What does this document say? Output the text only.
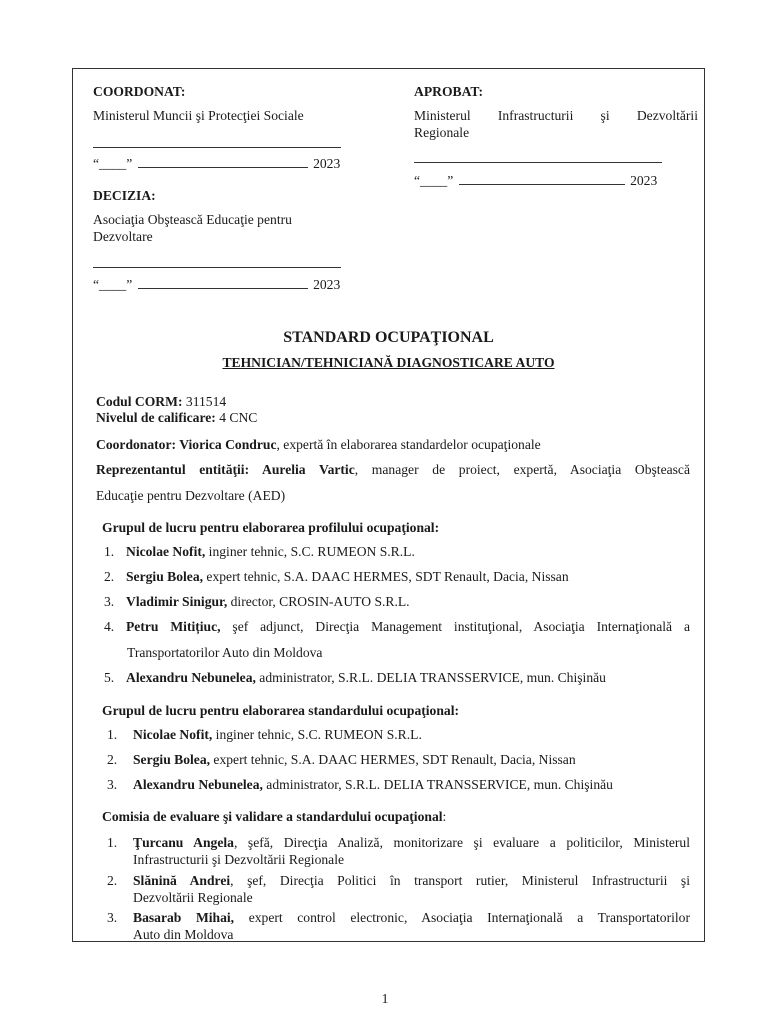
COORDONAT:
Ministerul Muncii şi Protecţiei Sociale
“____”	2023
APROBAT:
Ministerul Infrastructurii şi Dezvoltării
Regionale
“____”	2023
DECIZIA:
Asociaţia Obştească Educaţie pentru
Dezvoltare
“____”	2023
STANDARD OCUPAŢIONAL
TEHNICIAN/TEHNICIANĂ DIAGNOSTICARE AUTO
Codul CORM: 311514
Nivelul de calificare: 4 CNC
Coordonator: Viorica Condruc, expertă în elaborarea standardelor ocupaţionale
Reprezentantul entităţii: Aurelia Vartic, manager de proiect, expertă, Asociaţia Obştească
Educaţie pentru Dezvoltare (AED)
Grupul de lucru pentru elaborarea profilului ocupaţional:
1. Nicolae Nofit, inginer tehnic, S.C. RUMEON S.R.L.
2. Sergiu Bolea, expert tehnic, S.A. DAAC HERMES, SDT Renault, Dacia, Nissan
3. Vladimir Sinigur, director, CROSIN-AUTO S.R.L.
4. Petru Mitițiuc, şef adjunct, Direcţia Management instituţional, Asociaţia Internaţională a
Transportatorilor Auto din Moldova
5. Alexandru Nebunelea, administrator, S.R.L. DELIA TRANSSERVICE, mun. Chişinău
Grupul de lucru pentru elaborarea standardului ocupaţional:
1. Nicolae Nofit, inginer tehnic, S.C. RUMEON S.R.L.
2. Sergiu Bolea, expert tehnic, S.A. DAAC HERMES, SDT Renault, Dacia, Nissan
3. Alexandru Nebunelea, administrator, S.R.L. DELIA TRANSSERVICE, mun. Chişinău
Comisia de evaluare şi validare a standardului ocupaţional:
1. Ţurcanu Angela, şefă, Direcţia Analiză, monitorizare şi evaluare a politicilor, Ministerul
Infrastructurii şi Dezvoltării Regionale
2. Slănină Andrei, şef, Direcţia Politici în transport rutier, Ministerul Infrastructurii şi
Dezvoltării Regionale
3. Basarab Mihai, expert control electronic, Asociaţia Internaţională a Transportatorilor
Auto din Moldova
1
